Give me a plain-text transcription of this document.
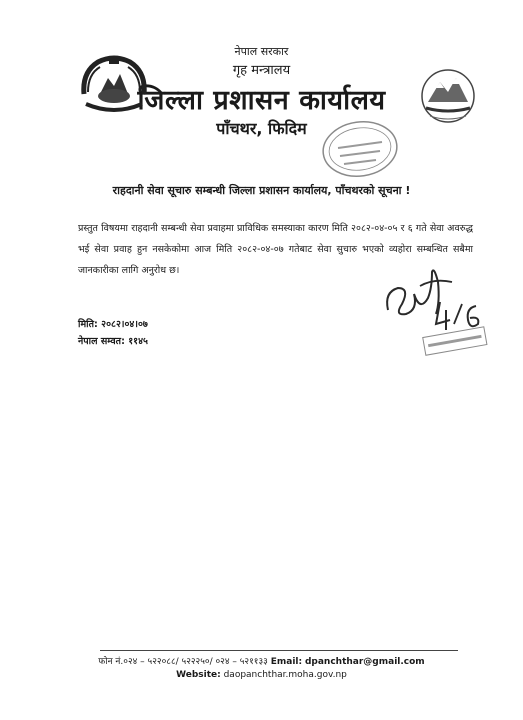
नेपाल सरकार
गृह मन्त्रालय
जिल्ला प्रशासन कार्यालय
पाँचथर, फिदिम
राहदानी सेवा सूचारु सम्बन्धी जिल्ला प्रशासन कार्यालय, पाँचथरको सूचना !
प्रस्तुत विषयमा राहदानी सम्बन्धी सेवा प्रवाहमा प्राविधिक समस्याका कारण मिति २०८२-०४-०५ र ६ गते सेवा अवरुद्ध भई सेवा प्रवाह हुन नसकेकोमा आज मिति २०८२-०४-०७ गतेबाट सेवा सुचारु भएको व्यहोरा सम्बन्धित सबैमा जानकारीका लागि अनुरोध छ।
मिति: २०८२।०४।०७
नेपाल सम्वत: ११४५
फोन नं.०२४ – ५२२०८८/ ५२२२५०/ ०२४ – ५२११३३ Email: dpanchthar@gmail.com
Website: daopanchthar.moha.gov.np
